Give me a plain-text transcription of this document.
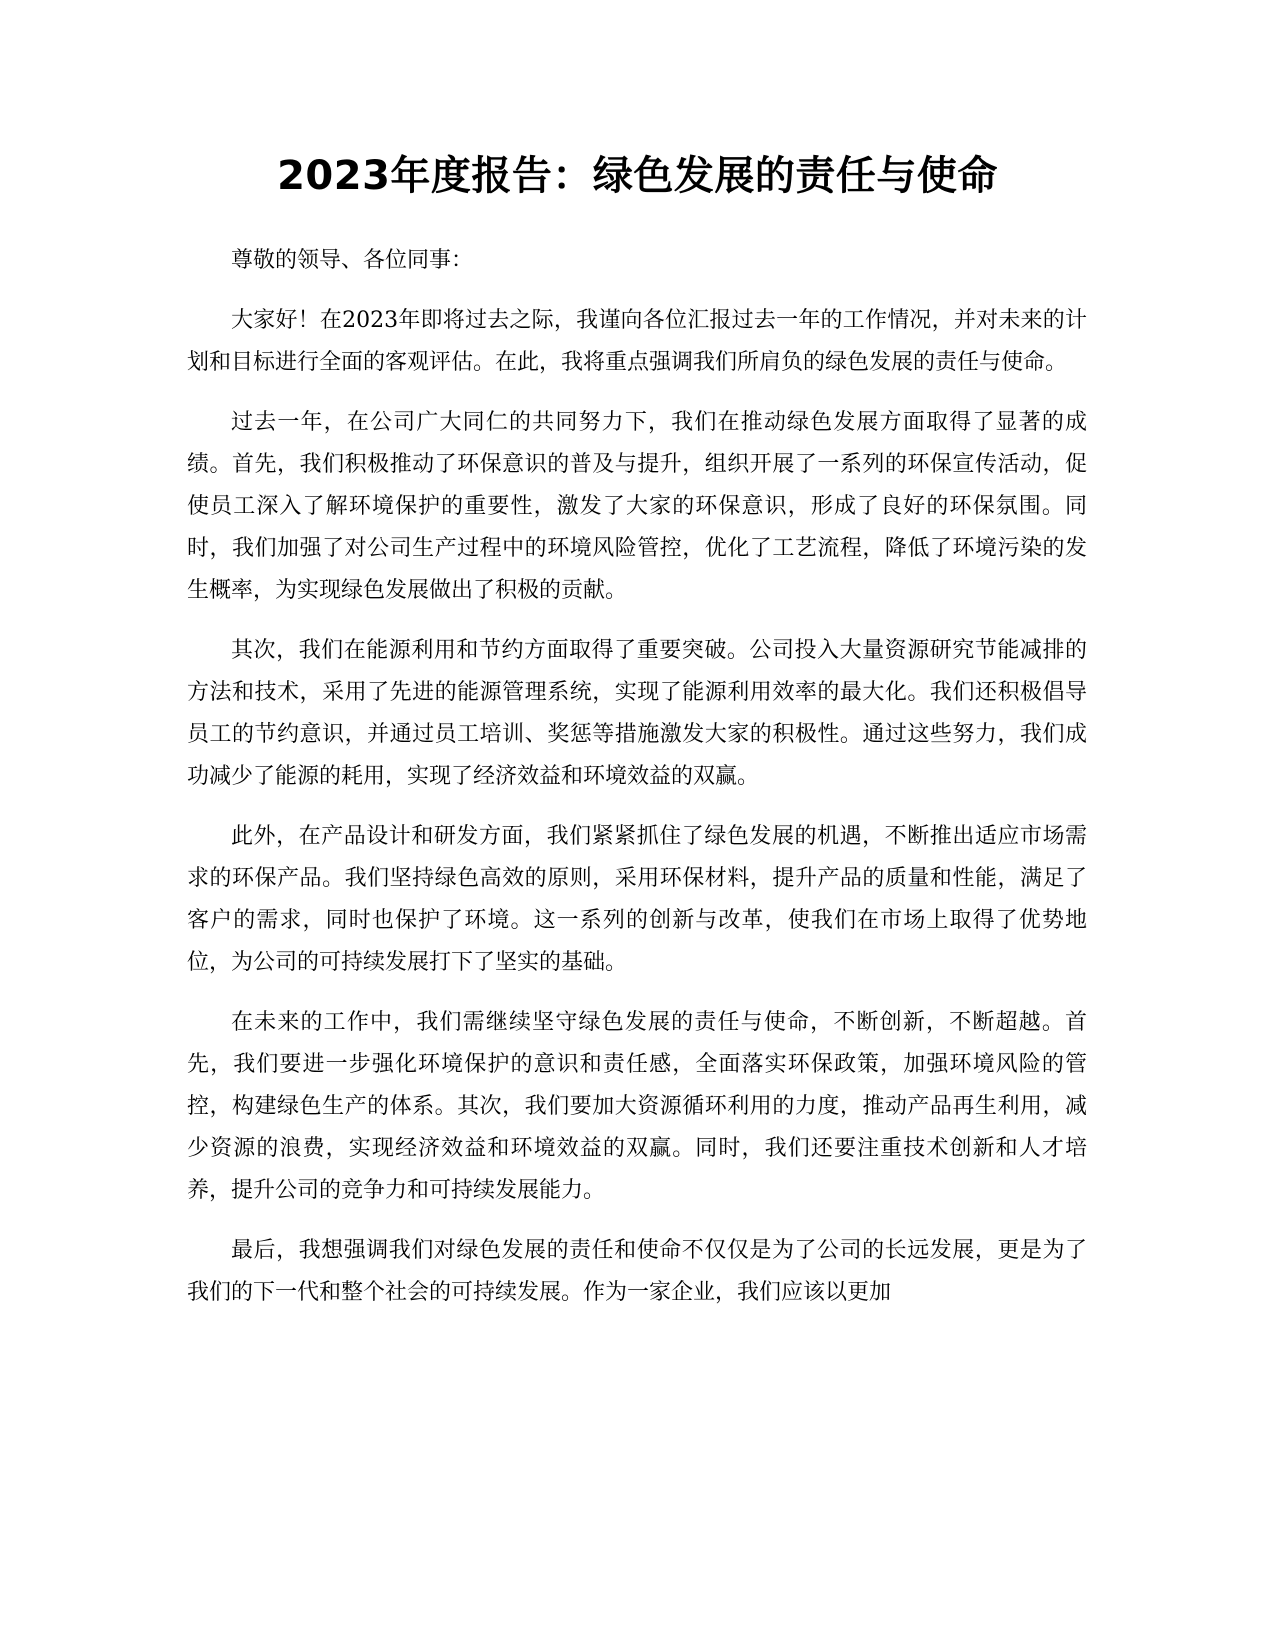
2023年度报告：绿色发展的责任与使命

尊敬的领导、各位同事：

大家好！在2023年即将过去之际，我谨向各位汇报过去一年的工作情况，并对未来的计划和目标进行全面的客观评估。在此，我将重点强调我们所肩负的绿色发展的责任与使命。

过去一年，在公司广大同仁的共同努力下，我们在推动绿色发展方面取得了显著的成绩。首先，我们积极推动了环保意识的普及与提升，组织开展了一系列的环保宣传活动，促使员工深入了解环境保护的重要性，激发了大家的环保意识，形成了良好的环保氛围。同时，我们加强了对公司生产过程中的环境风险管控，优化了工艺流程，降低了环境污染的发生概率，为实现绿色发展做出了积极的贡献。

其次，我们在能源利用和节约方面取得了重要突破。公司投入大量资源研究节能减排的方法和技术，采用了先进的能源管理系统，实现了能源利用效率的最大化。我们还积极倡导员工的节约意识，并通过员工培训、奖惩等措施激发大家的积极性。通过这些努力，我们成功减少了能源的耗用，实现了经济效益和环境效益的双赢。

此外，在产品设计和研发方面，我们紧紧抓住了绿色发展的机遇，不断推出适应市场需求的环保产品。我们坚持绿色高效的原则，采用环保材料，提升产品的质量和性能，满足了客户的需求，同时也保护了环境。这一系列的创新与改革，使我们在市场上取得了优势地位，为公司的可持续发展打下了坚实的基础。

在未来的工作中，我们需继续坚守绿色发展的责任与使命，不断创新，不断超越。首先，我们要进一步强化环境保护的意识和责任感，全面落实环保政策，加强环境风险的管控，构建绿色生产的体系。其次，我们要加大资源循环利用的力度，推动产品再生利用，减少资源的浪费，实现经济效益和环境效益的双赢。同时，我们还要注重技术创新和人才培养，提升公司的竞争力和可持续发展能力。

最后，我想强调我们对绿色发展的责任和使命不仅仅是为了公司的长远发展，更是为了我们的下一代和整个社会的可持续发展。作为一家企业，我们应该以更加
